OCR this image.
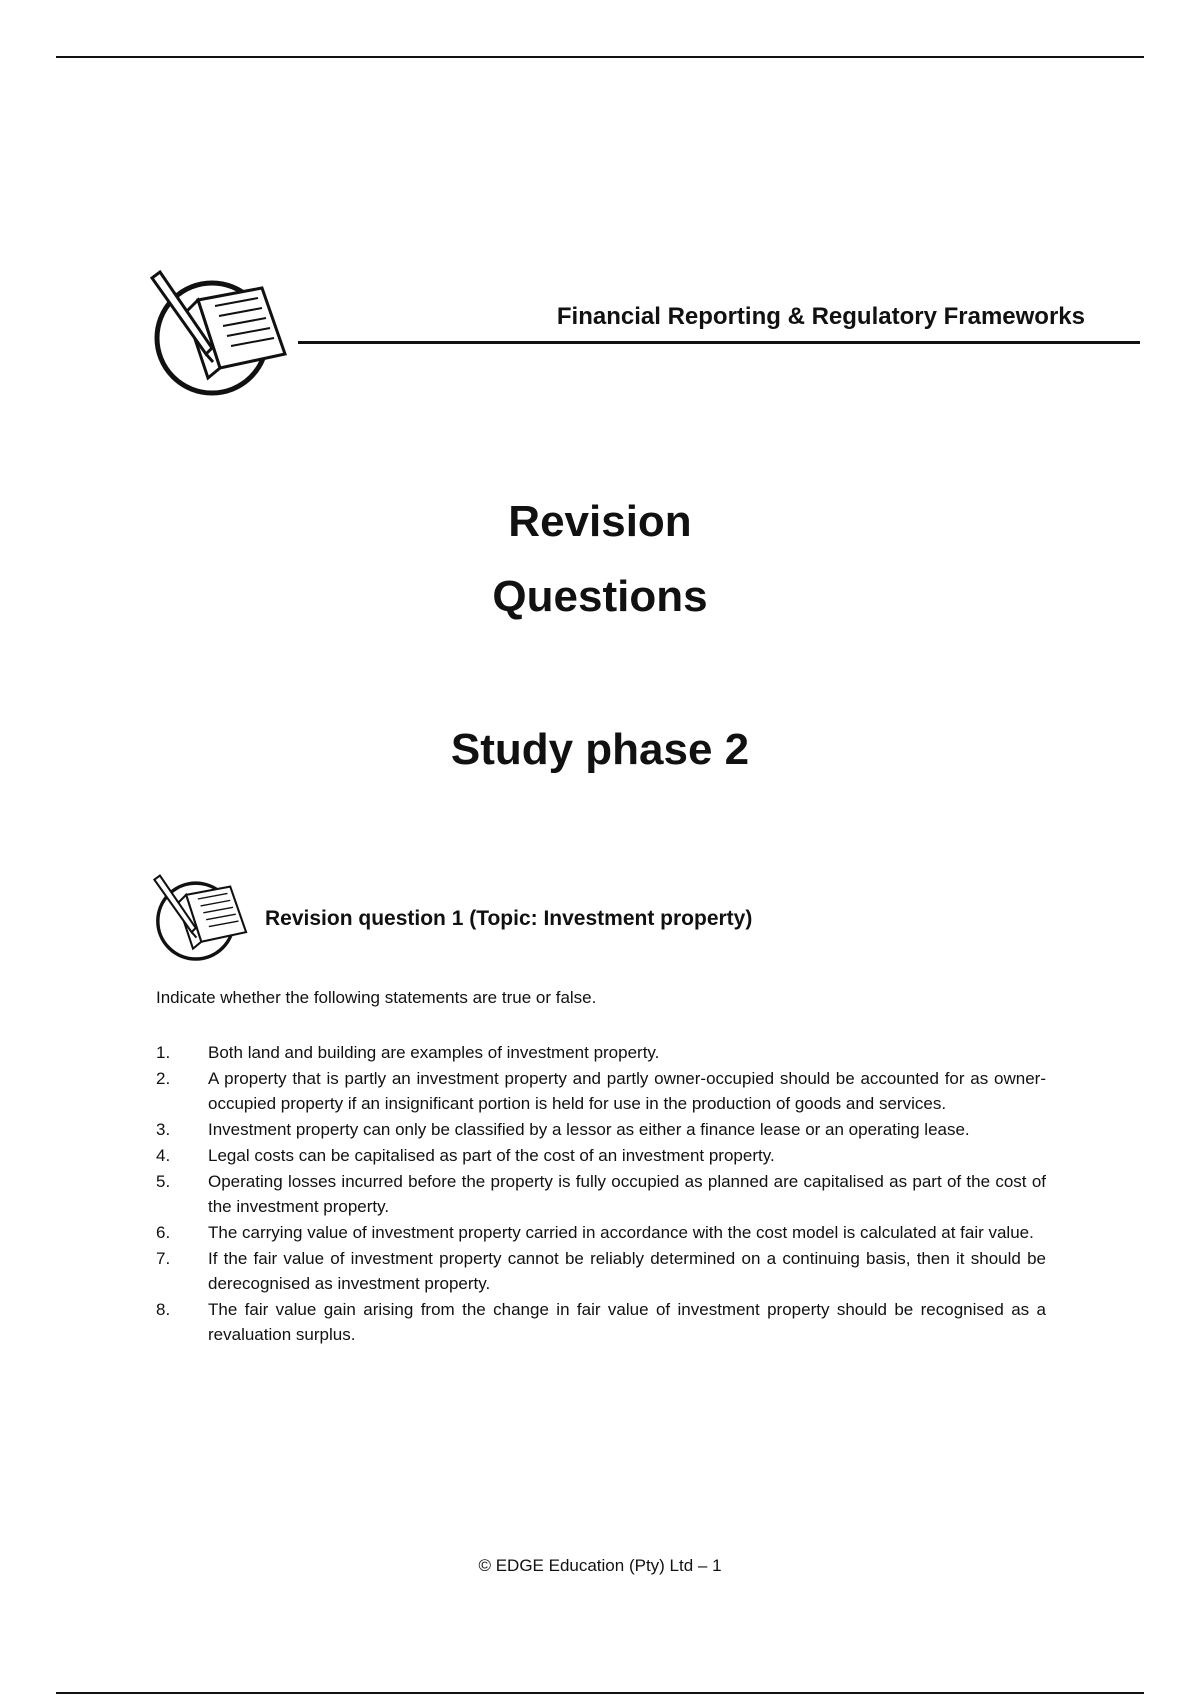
Financial Reporting & Regulatory Frameworks
Revision
Questions
Study phase 2
Revision question 1 (Topic: Investment property)
Indicate whether the following statements are true or false.
1.	Both land and building are examples of investment property.
2.	A property that is partly an investment property and partly owner-occupied should be accounted for as owner-occupied property if an insignificant portion is held for use in the production of goods and services.
3.	Investment property can only be classified by a lessor as either a finance lease or an operating lease.
4.	Legal costs can be capitalised as part of the cost of an investment property.
5.	Operating losses incurred before the property is fully occupied as planned are capitalised as part of the cost of the investment property.
6.	The carrying value of investment property carried in accordance with the cost model is calculated at fair value.
7.	If the fair value of investment property cannot be reliably determined on a continuing basis, then it should be derecognised as investment property.
8.	The fair value gain arising from the change in fair value of investment property should be recognised as a revaluation surplus.
© EDGE Education (Pty) Ltd – 1
